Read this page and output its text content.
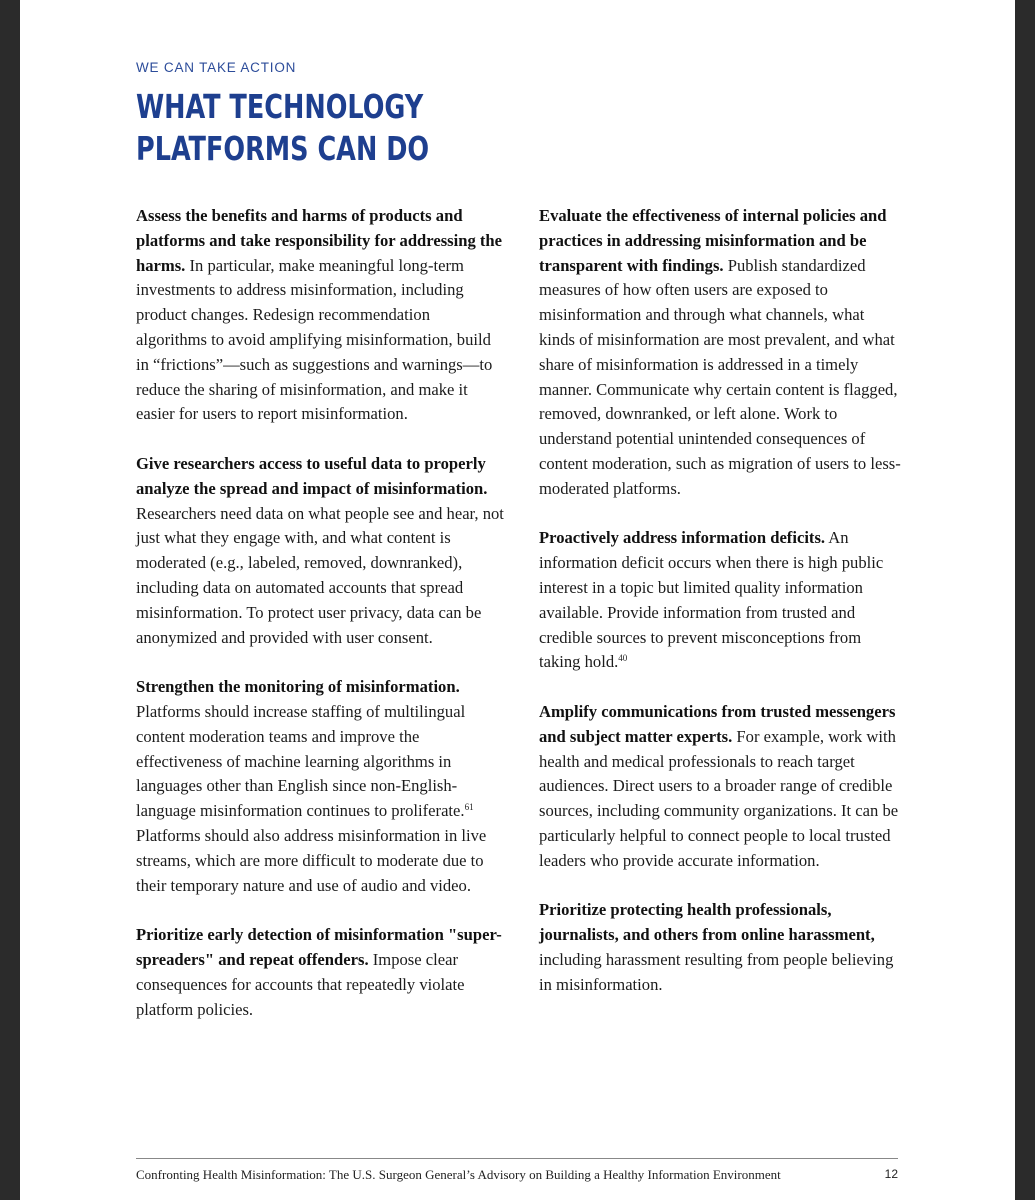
WE CAN TAKE ACTION
WHAT TECHNOLOGY
PLATFORMS CAN DO

Assess the benefits and harms of products and platforms and take responsibility for addressing the harms. In particular, make meaningful long-term investments to address misinformation, including product changes. Redesign recommendation algorithms to avoid amplifying misinformation, build in “frictions”—such as suggestions and warnings—to reduce the sharing of misinformation, and make it easier for users to report misinformation.

Give researchers access to useful data to properly analyze the spread and impact of misinformation. Researchers need data on what people see and hear, not just what they engage with, and what content is moderated (e.g., labeled, removed, downranked), including data on automated accounts that spread misinformation. To protect user privacy, data can be anonymized and provided with user consent.

Strengthen the monitoring of misinformation. Platforms should increase staffing of multilingual content moderation teams and improve the effectiveness of machine learning algorithms in languages other than English since non-English-language misinformation continues to proliferate.$^{61}$ Platforms should also address misinformation in live streams, which are more difficult to moderate due to their temporary nature and use of audio and video.

Prioritize early detection of misinformation "super-spreaders" and repeat offenders. Impose clear consequences for accounts that repeatedly violate platform policies.

Evaluate the effectiveness of internal policies and practices in addressing misinformation and be transparent with findings. Publish standardized measures of how often users are exposed to misinformation and through what channels, what kinds of misinformation are most prevalent, and what share of misinformation is addressed in a timely manner. Communicate why certain content is flagged, removed, downranked, or left alone. Work to understand potential unintended consequences of content moderation, such as migration of users to less-moderated platforms.

Proactively address information deficits. An information deficit occurs when there is high public interest in a topic but limited quality information available. Provide information from trusted and credible sources to prevent misconceptions from taking hold.$^{40}$

Amplify communications from trusted messengers and subject matter experts. For example, work with health and medical professionals to reach target audiences. Direct users to a broader range of credible sources, including community organizations. It can be particularly helpful to connect people to local trusted leaders who provide accurate information.

Prioritize protecting health professionals, journalists, and others from online harassment, including harassment resulting from people believing in misinformation.

Confronting Health Misinformation: The U.S. Surgeon General’s Advisory on Building a Healthy Information Environment	12
